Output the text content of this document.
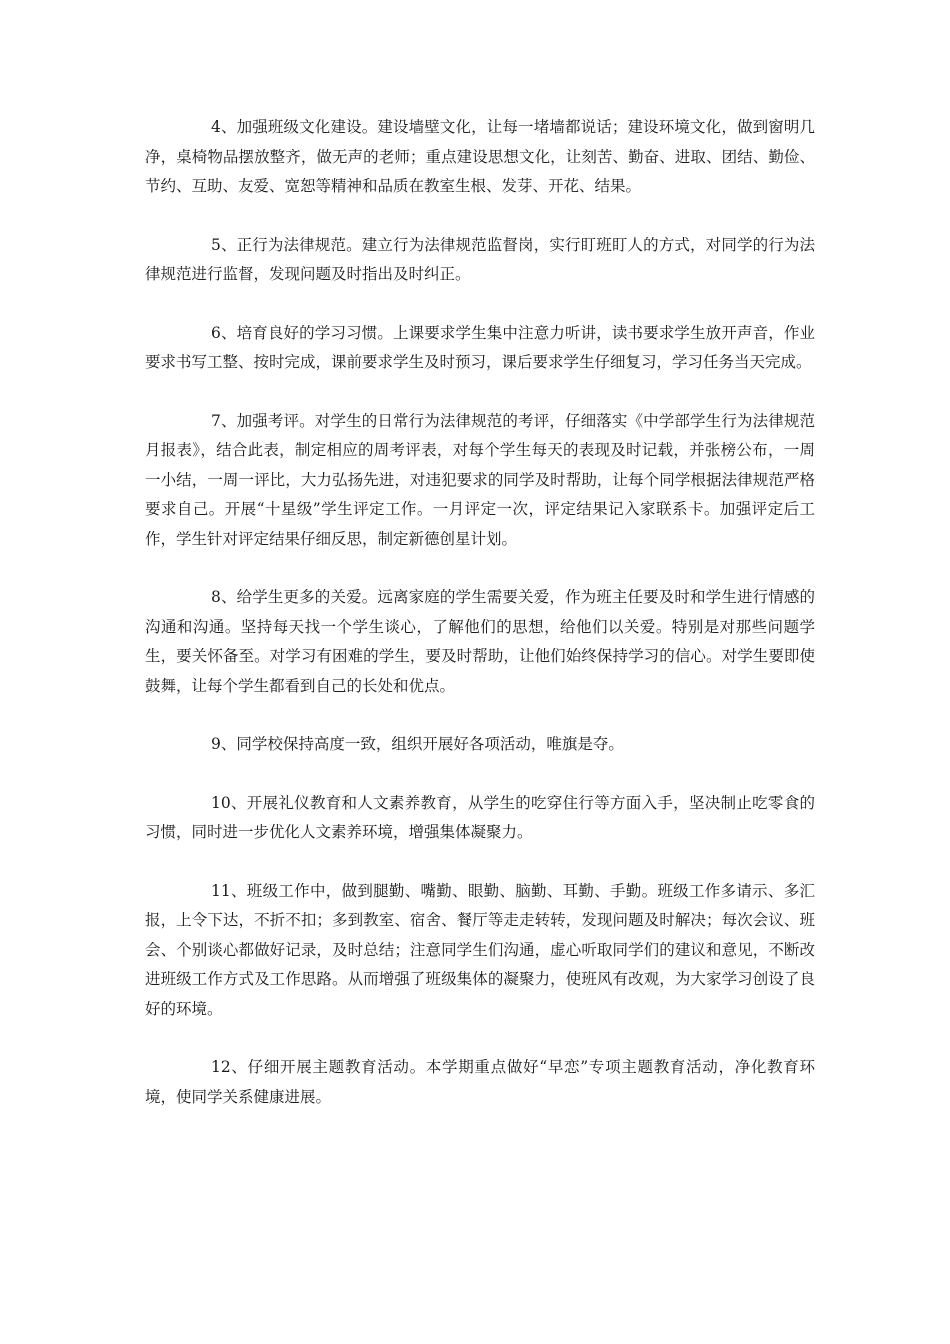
4、加强班级文化建设。建设墙壁文化，让每一堵墙都说话；建设环境文化，做到窗明几净，桌椅物品摆放整齐，做无声的老师；重点建设思想文化，让刻苦、勤奋、进取、团结、勤俭、节约、互助、友爱、宽恕等精神和品质在教室生根、发芽、开花、结果。

5、正行为法律规范。建立行为法律规范监督岗，实行盯班盯人的方式，对同学的行为法律规范进行监督，发现问题及时指出及时纠正。

6、培育良好的学习习惯。上课要求学生集中注意力听讲，读书要求学生放开声音，作业要求书写工整、按时完成，课前要求学生及时预习，课后要求学生仔细复习，学习任务当天完成。

7、加强考评。对学生的日常行为法律规范的考评，仔细落实《中学部学生行为法律规范月报表》，结合此表，制定相应的周考评表，对每个学生每天的表现及时记载，并张榜公布，一周一小结，一周一评比，大力弘扬先进，对违犯要求的同学及时帮助，让每个同学根据法律规范严格要求自己。开展“十星级”学生评定工作。一月评定一次，评定结果记入家联系卡。加强评定后工作，学生针对评定结果仔细反思，制定新德创星计划。

8、给学生更多的关爱。远离家庭的学生需要关爱，作为班主任要及时和学生进行情感的沟通和沟通。坚持每天找一个学生谈心，了解他们的思想，给他们以关爱。特别是对那些问题学生，要关怀备至。对学习有困难的学生，要及时帮助，让他们始终保持学习的信心。对学生要即使鼓舞，让每个学生都看到自己的长处和优点。

9、同学校保持高度一致，组织开展好各项活动，唯旗是夺。

10、开展礼仪教育和人文素养教育，从学生的吃穿住行等方面入手，坚决制止吃零食的习惯，同时进一步优化人文素养环境，增强集体凝聚力。

11、班级工作中，做到腿勤、嘴勤、眼勤、脑勤、耳勤、手勤。班级工作多请示、多汇报，上令下达，不折不扣；多到教室、宿舍、餐厅等走走转转，发现问题及时解决；每次会议、班会、个别谈心都做好记录，及时总结；注意同学生们沟通，虚心听取同学们的建议和意见，不断改进班级工作方式及工作思路。从而增强了班级集体的凝聚力，使班风有改观，为大家学习创设了良好的环境。

12、仔细开展主题教育活动。本学期重点做好“早恋”专项主题教育活动，净化教育环境，使同学关系健康进展。
